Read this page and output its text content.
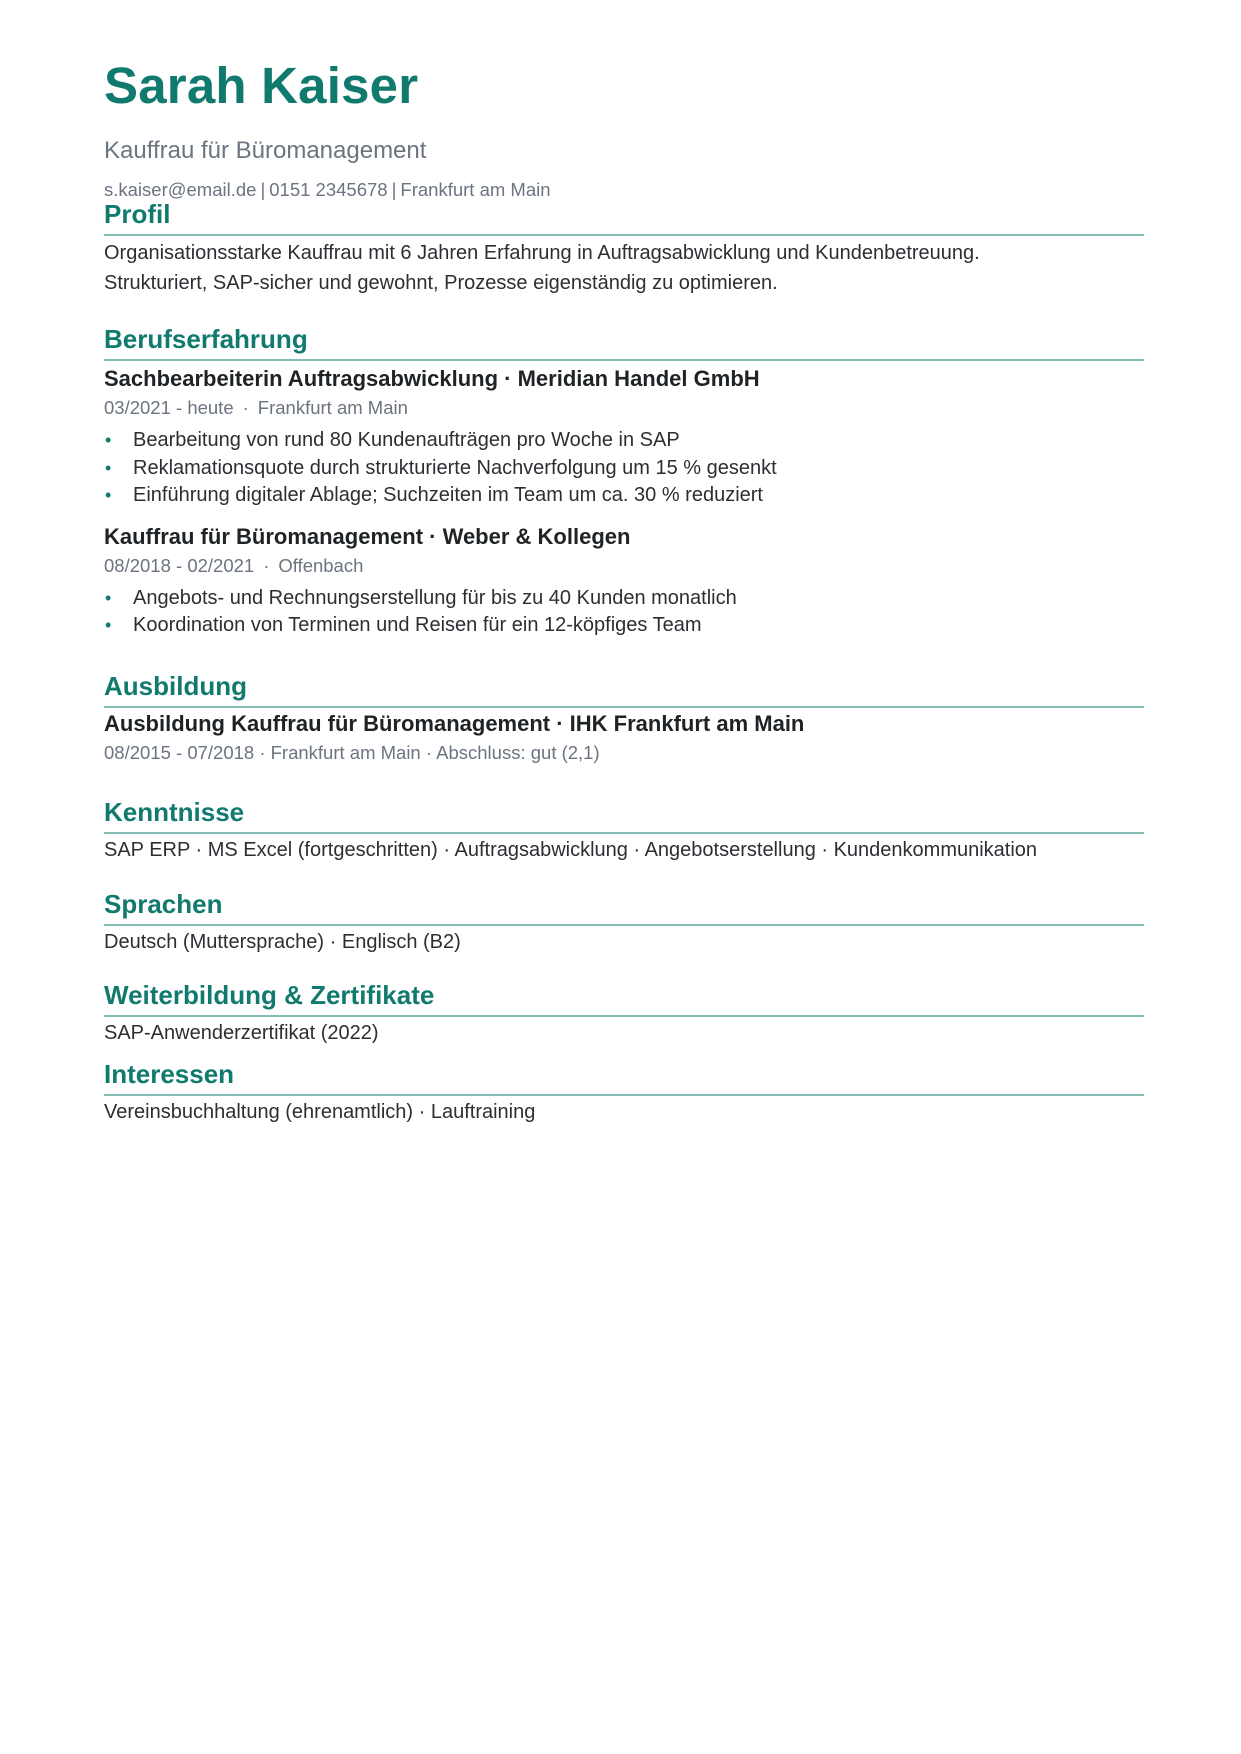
Sarah Kaiser
Kauffrau für Büromanagement
s.kaiser@email.de | 0151 2345678 | Frankfurt am Main
Profil
Organisationsstarke Kauffrau mit 6 Jahren Erfahrung in Auftragsabwicklung und Kundenbetreuung.
Strukturiert, SAP-sicher und gewohnt, Prozesse eigenständig zu optimieren.
Berufserfahrung
Sachbearbeiterin Auftragsabwicklung · Meridian Handel GmbH
03/2021 - heute · Frankfurt am Main
• Bearbeitung von rund 80 Kundenaufträgen pro Woche in SAP
• Reklamationsquote durch strukturierte Nachverfolgung um 15 % gesenkt
• Einführung digitaler Ablage; Suchzeiten im Team um ca. 30 % reduziert
Kauffrau für Büromanagement · Weber & Kollegen
08/2018 - 02/2021 · Offenbach
• Angebots- und Rechnungserstellung für bis zu 40 Kunden monatlich
• Koordination von Terminen und Reisen für ein 12-köpfiges Team
Ausbildung
Ausbildung Kauffrau für Büromanagement · IHK Frankfurt am Main
08/2015 - 07/2018 · Frankfurt am Main · Abschluss: gut (2,1)
Kenntnisse
SAP ERP · MS Excel (fortgeschritten) · Auftragsabwicklung · Angebotserstellung · Kundenkommunikation
Sprachen
Deutsch (Muttersprache) · Englisch (B2)
Weiterbildung & Zertifikate
SAP-Anwenderzertifikat (2022)
Interessen
Vereinsbuchhaltung (ehrenamtlich) · Lauftraining
